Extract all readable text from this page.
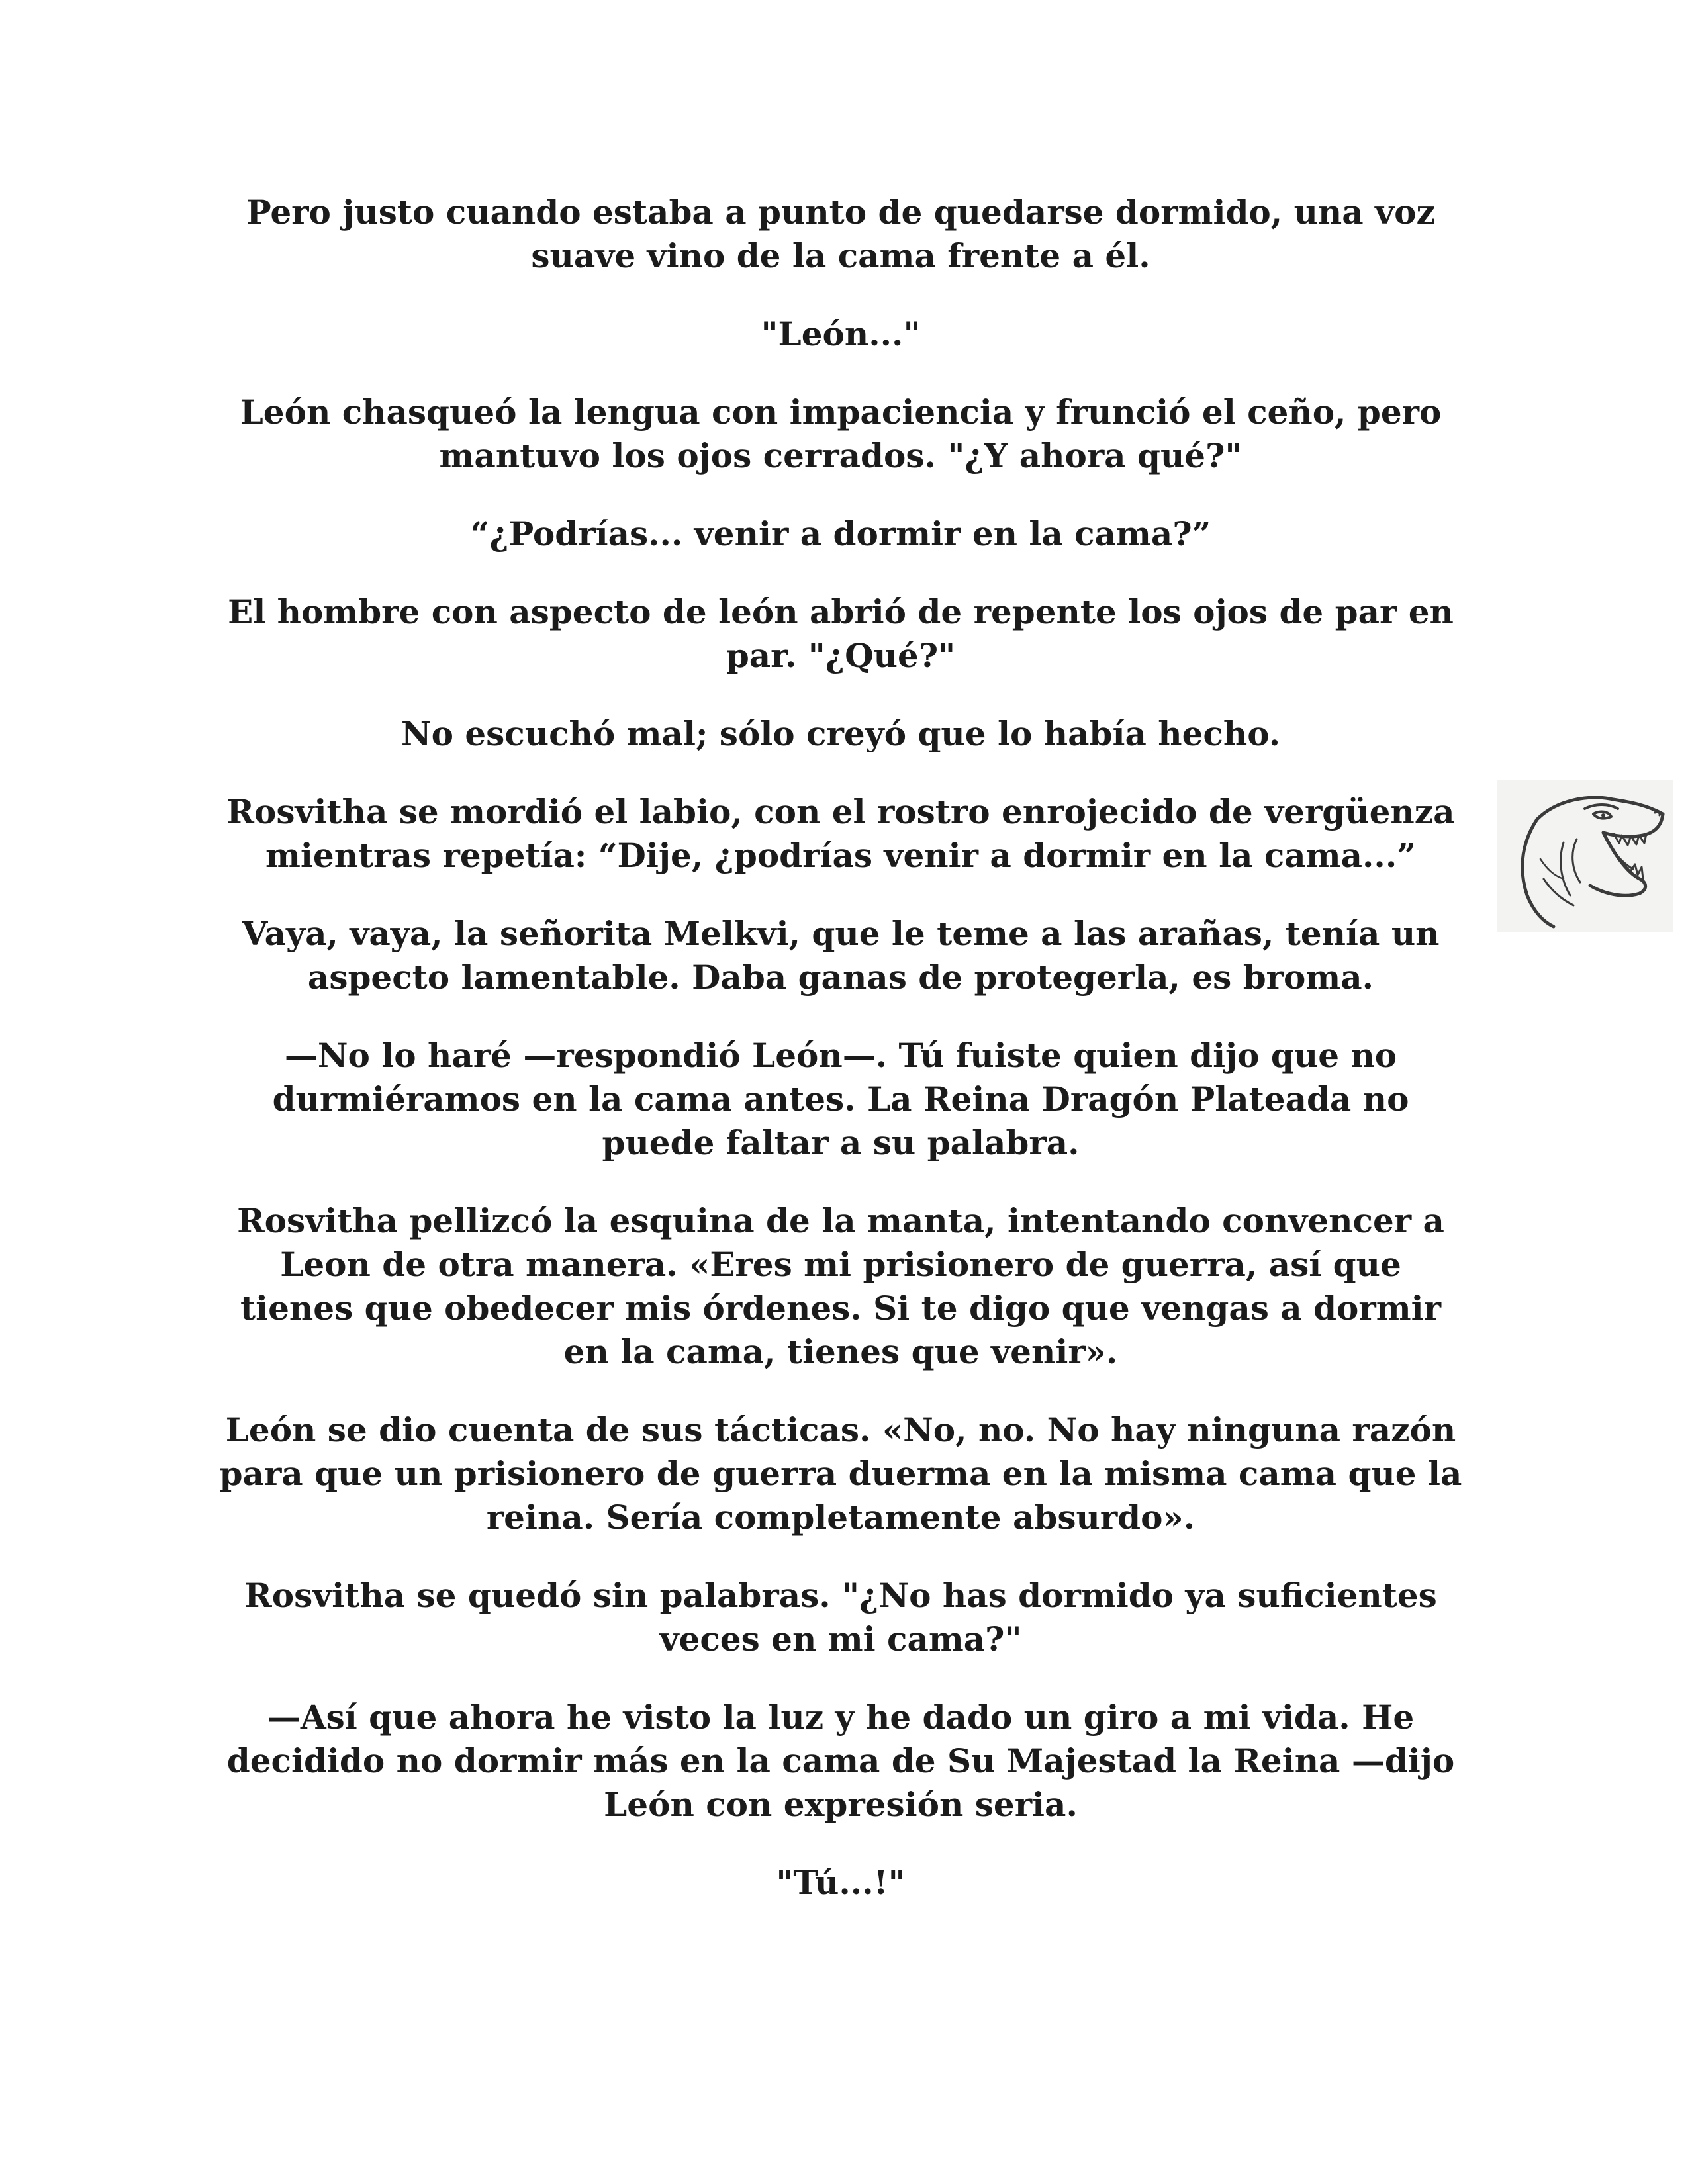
Pero justo cuando estaba a punto de quedarse dormido, una voz suave vino de la cama frente a él.

"León..."

León chasqueó la lengua con impaciencia y frunció el ceño, pero mantuvo los ojos cerrados. "¿Y ahora qué?"

“¿Podrías... venir a dormir en la cama?”

El hombre con aspecto de león abrió de repente los ojos de par en par. "¿Qué?"

No escuchó mal; sólo creyó que lo había hecho.

Rosvitha se mordió el labio, con el rostro enrojecido de vergüenza mientras repetía: “Dije, ¿podrías venir a dormir en la cama...”

Vaya, vaya, la señorita Melkvi, que le teme a las arañas, tenía un aspecto lamentable. Daba ganas de protegerla, es broma.

—No lo haré —respondió León—. Tú fuiste quien dijo que no durmiéramos en la cama antes. La Reina Dragón Plateada no puede faltar a su palabra.

Rosvitha pellizcó la esquina de la manta, intentando convencer a Leon de otra manera. «Eres mi prisionero de guerra, así que tienes que obedecer mis órdenes. Si te digo que vengas a dormir en la cama, tienes que venir».

León se dio cuenta de sus tácticas. «No, no. No hay ninguna razón para que un prisionero de guerra duerma en la misma cama que la reina. Sería completamente absurdo».

Rosvitha se quedó sin palabras. "¿No has dormido ya suficientes veces en mi cama?"

—Así que ahora he visto la luz y he dado un giro a mi vida. He decidido no dormir más en la cama de Su Majestad la Reina —dijo León con expresión seria.

"Tú...!"
